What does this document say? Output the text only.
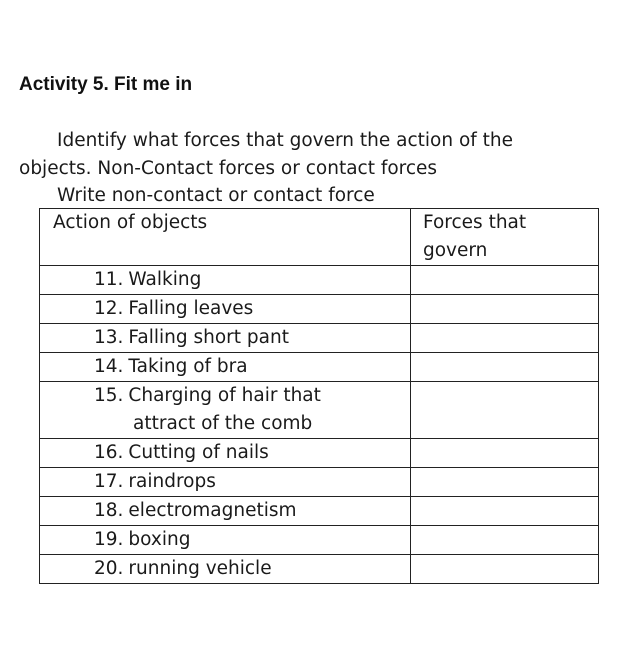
Activity 5. Fit me in
Identify what forces that govern the action of the
objects. Non-Contact forces or contact forces
Write non-contact or contact force
Action of objects	Forces that
govern
11. Walking	
12. Falling leaves	
13. Falling short pant	
14. Taking of bra	
15. Charging of hair that
attract of the comb	

16. Cutting of nails	
17. raindrops	
18. electromagnetism	
19. boxing	
20. running vehicle	
